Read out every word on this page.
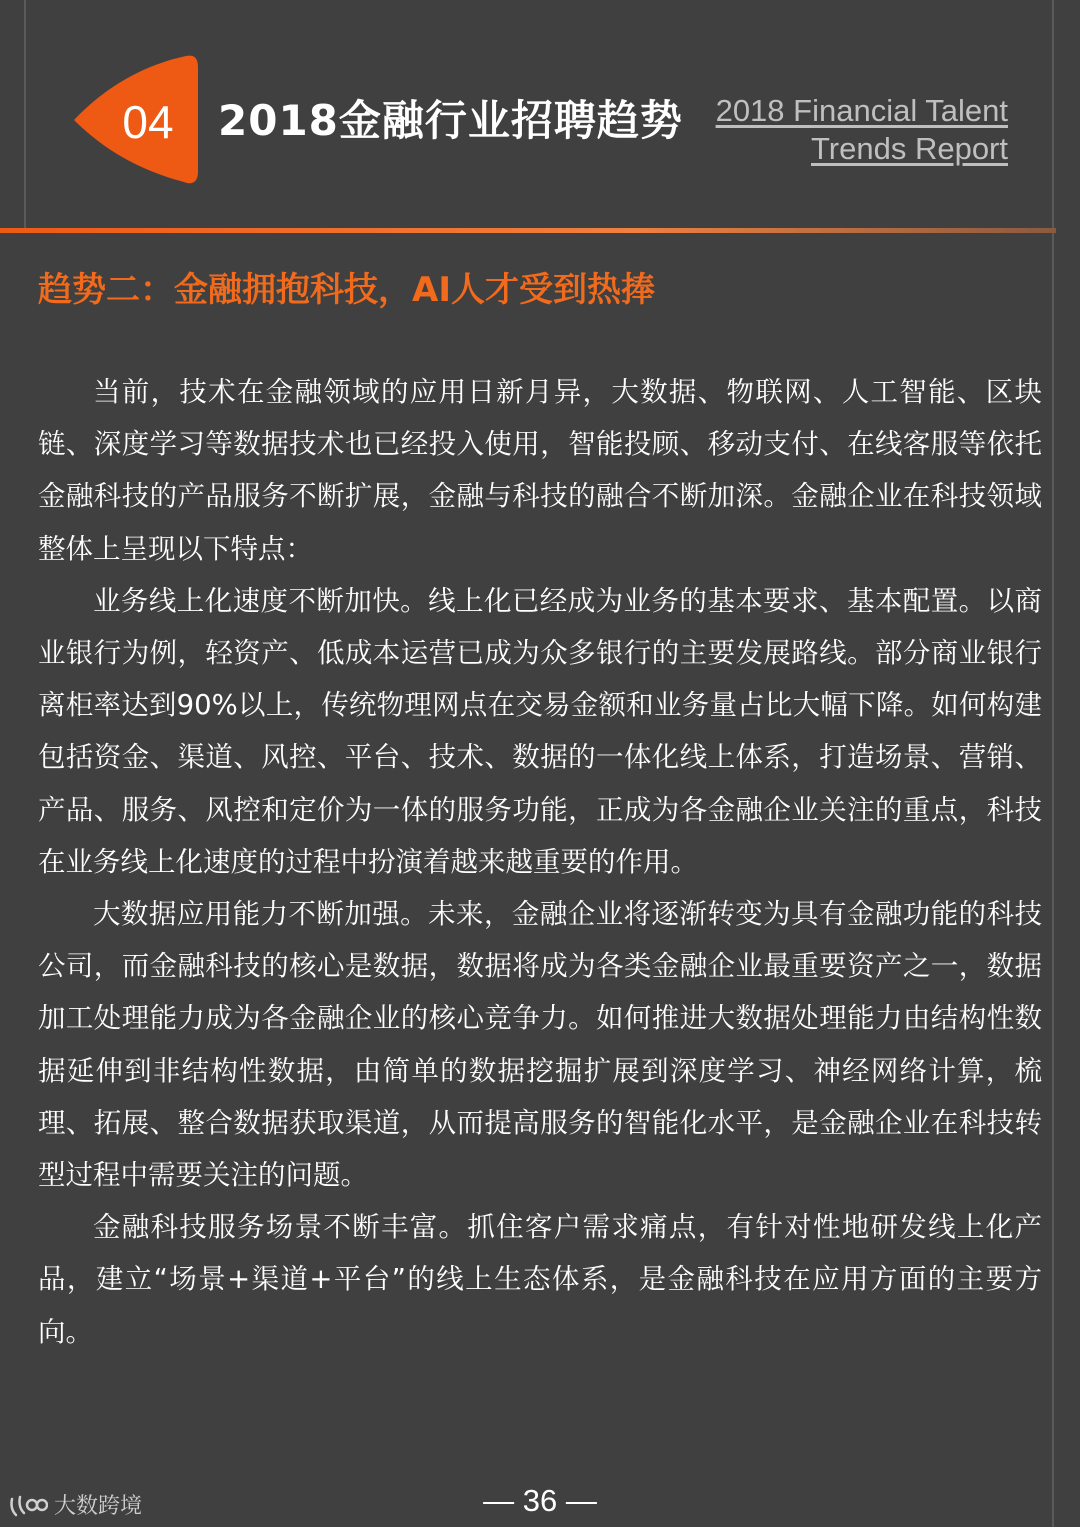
04	2018金融行业招聘趋势	2018 Financial Talent
Trends Report
趋势二：金融拥抱科技，AI人才受到热捧

当前，技术在金融领域的应用日新月异，大数据、物联网、人工智能、区块链、深度学习等数据技术也已经投入使用，智能投顾、移动支付、在线客服等依托金融科技的产品服务不断扩展，金融与科技的融合不断加深。金融企业在科技领域整体上呈现以下特点：

业务线上化速度不断加快。线上化已经成为业务的基本要求、基本配置。以商业银行为例，轻资产、低成本运营已成为众多银行的主要发展路线。部分商业银行离柜率达到90%以上，传统物理网点在交易金额和业务量占比大幅下降。如何构建包括资金、渠道、风控、平台、技术、数据的一体化线上体系，打造场景、营销、产品、服务、风控和定价为一体的服务功能，正成为各金融企业关注的重点，科技在业务线上化速度的过程中扮演着越来越重要的作用。

大数据应用能力不断加强。未来，金融企业将逐渐转变为具有金融功能的科技公司，而金融科技的核心是数据，数据将成为各类金融企业最重要资产之一，数据加工处理能力成为各金融企业的核心竞争力。如何推进大数据处理能力由结构性数据延伸到非结构性数据，由简单的数据挖掘扩展到深度学习、神经网络计算，梳理、拓展、整合数据获取渠道，从而提高服务的智能化水平，是金融企业在科技转型过程中需要关注的问题。

金融科技服务场景不断丰富。抓住客户需求痛点，有针对性地研发线上化产品，建立“场景+渠道+平台”的线上生态体系，是金融科技在应用方面的主要方向。

— 36 —
大数跨境
